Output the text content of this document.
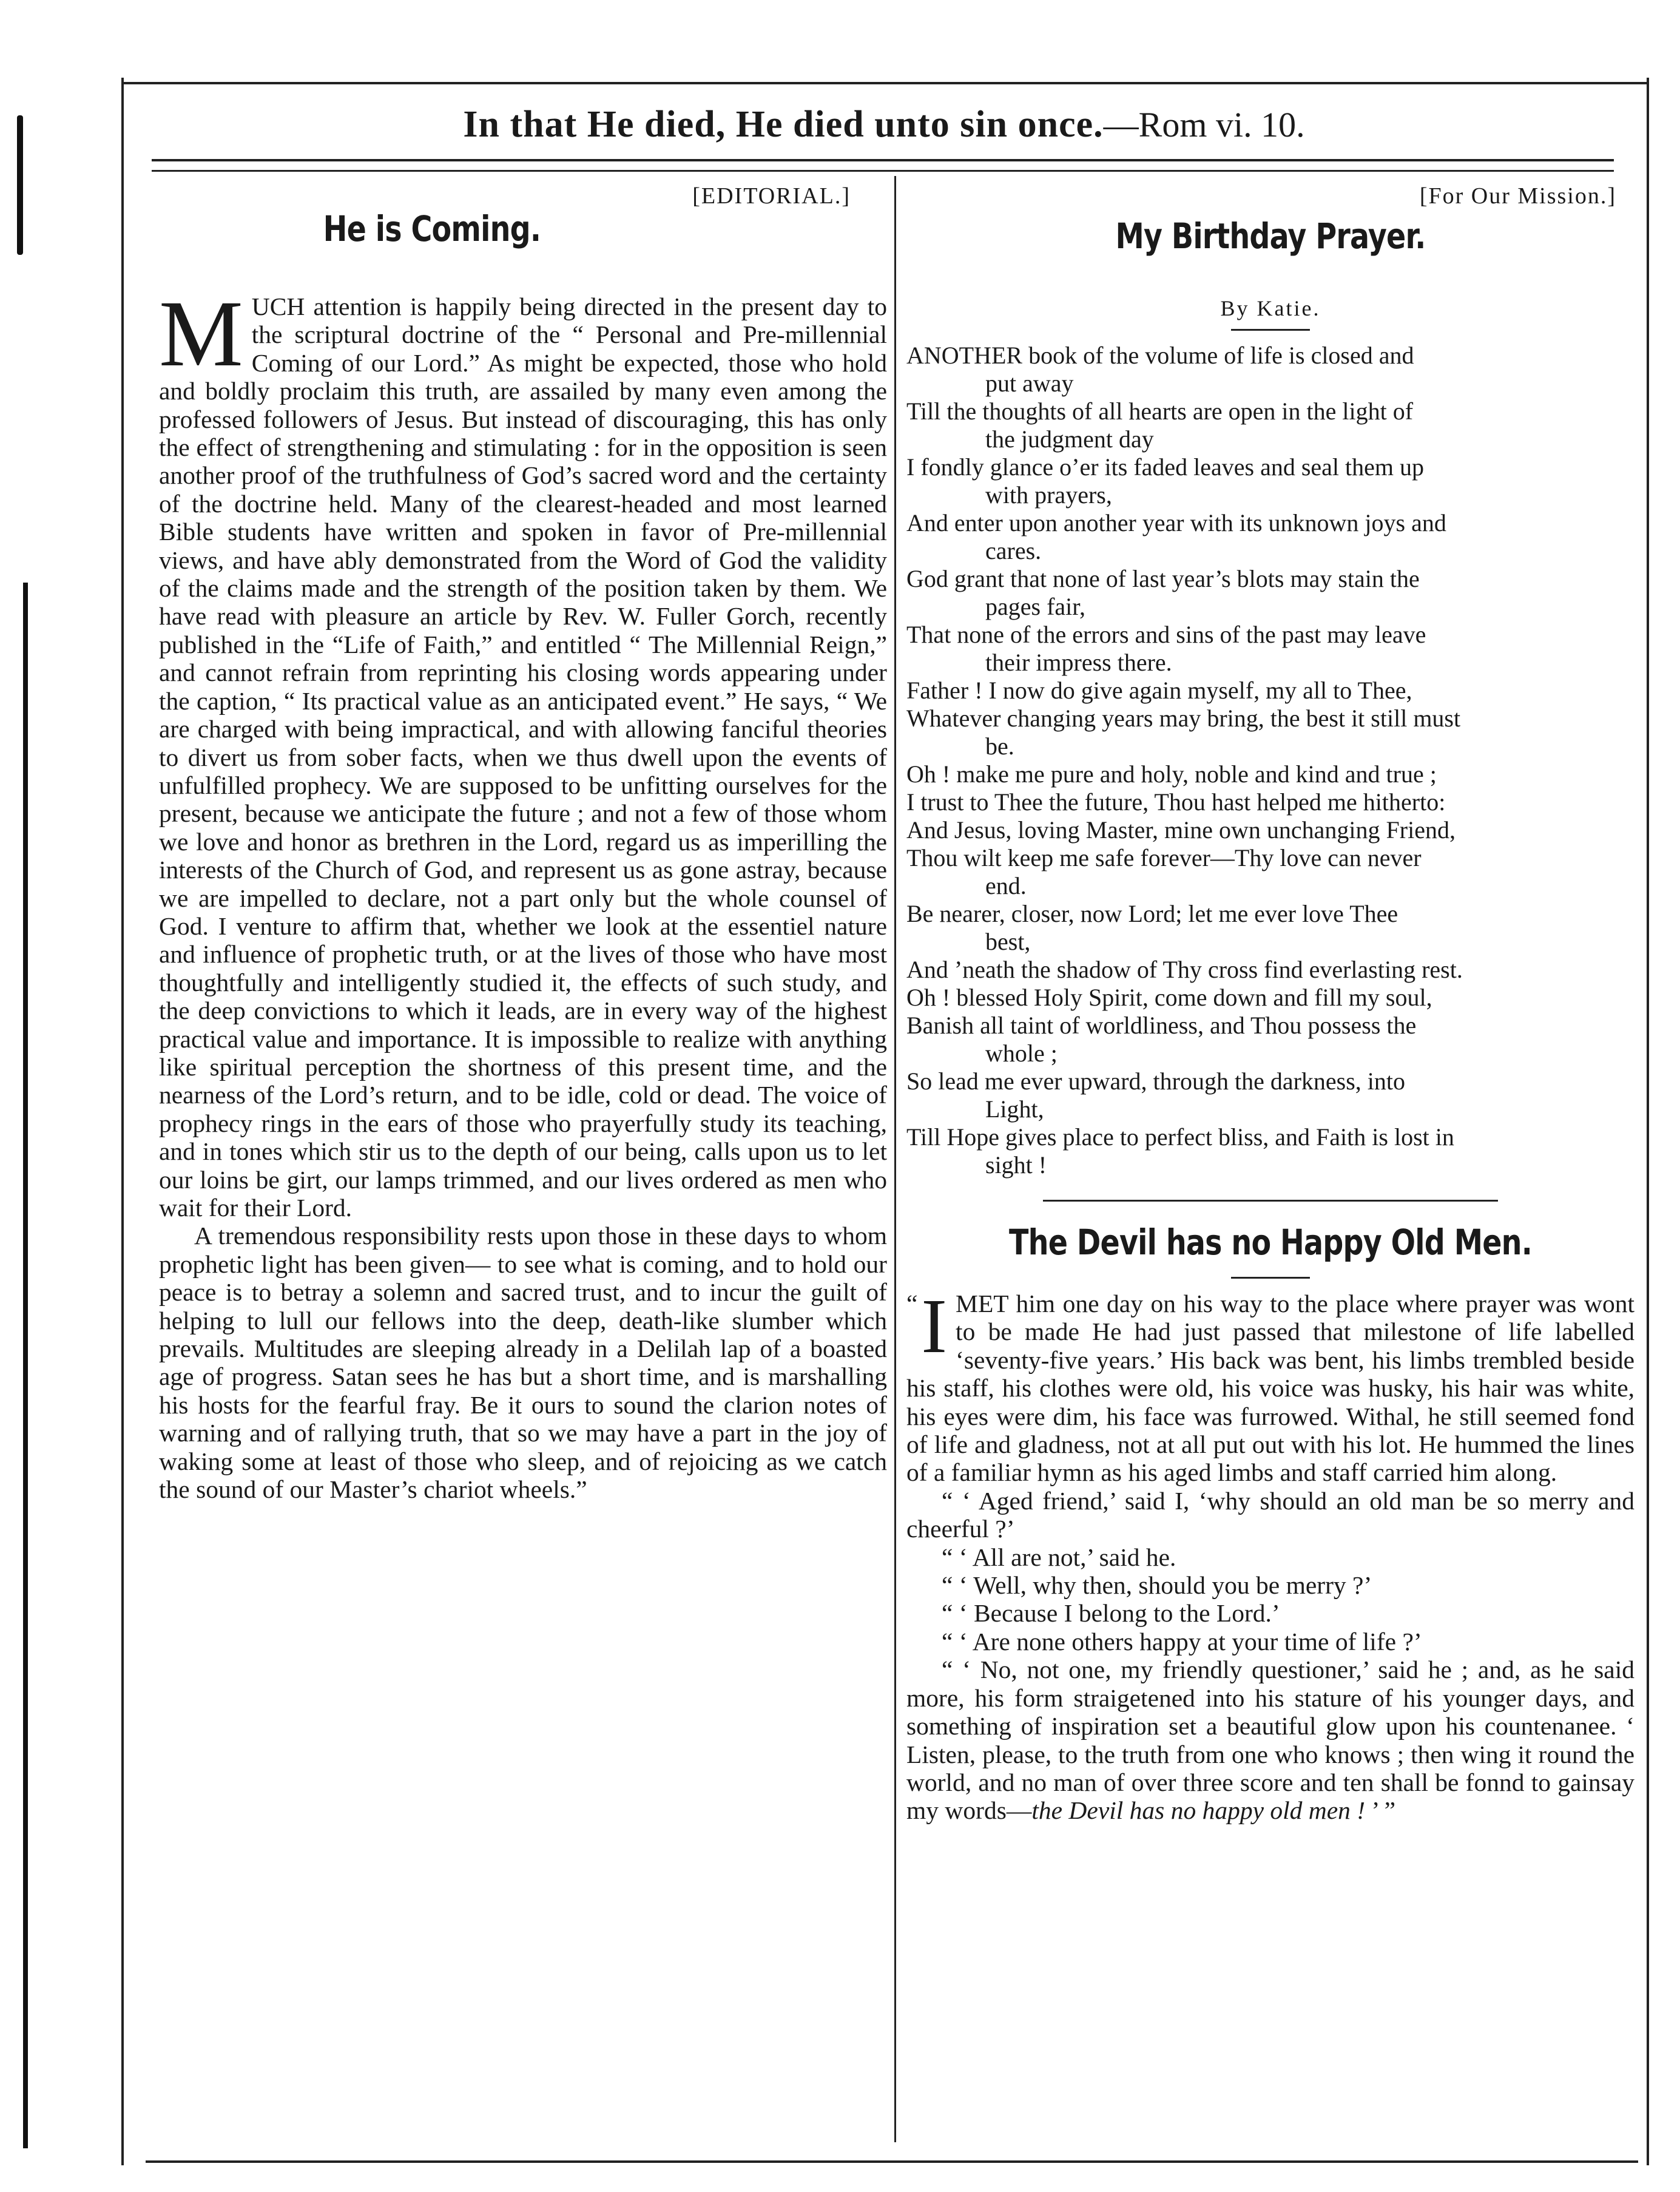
In that He died, He died unto sin once.—Rom vi. 10.
[EDITORIAL.]
He is Coming.

MUCH attention is happily being directed in the present day to the scriptural doctrine of the “ Personal and Pre-millennial Coming of our Lord.” As might be expected, those who hold and boldly proclaim this truth, are assailed by many even among the professed followers of Jesus. But instead of discouraging, this has only the effect of strengthening and stimulating : for in the opposition is seen another proof of the truthfulness of God’s sacred word and the certainty of the doctrine held. Many of the clearest-headed and most learned Bible students have written and spoken in favor of Pre-millennial views, and have ably demonstrated from the Word of God the validity of the claims made and the strength of the position taken by them. We have read with pleasure an article by Rev. W. Fuller Gorch, recently published in the “Life of Faith,” and entitled “ The Millennial Reign,” and cannot refrain from reprinting his closing words appearing under the caption, “ Its practical value as an anticipated event.” He says, “ We are charged with being impractical, and with allowing fanciful theories to divert us from sober facts, when we thus dwell upon the events of unfulfilled prophecy. We are supposed to be unfitting ourselves for the present, because we anticipate the future ; and not a few of those whom we love and honor as brethren in the Lord, regard us as imperilling the interests of the Church of God, and represent us as gone astray, because we are impelled to declare, not a part only but the whole counsel of God. I venture to affirm that, whether we look at the essentiel nature and influence of prophetic truth, or at the lives of those who have most thoughtfully and intelligently studied it, the effects of such study, and the deep convictions to which it leads, are in every way of the highest practical value and importance. It is impossible to realize with anything like spiritual perception the shortness of this present time, and the nearness of the Lord’s return, and to be idle, cold or dead. The voice of prophecy rings in the ears of those who prayerfully study its teaching, and in tones which stir us to the depth of our being, calls upon us to let our loins be girt, our lamps trimmed, and our lives ordered as men who wait for their Lord.

A tremendous responsibility rests upon those in these days to whom prophetic light has been given— to see what is coming, and to hold our peace is to betray a solemn and sacred trust, and to incur the guilt of helping to lull our fellows into the deep, death-like slumber which prevails. Multitudes are sleeping already in a Delilah lap of a boasted age of progress. Satan sees he has but a short time, and is marshalling his hosts for the fearful fray. Be it ours to sound the clarion notes of warning and of rallying truth, that so we may have a part in the joy of waking some at least of those who sleep, and of rejoicing as we catch the sound of our Master’s chariot wheels.”

[For Our Mission.]
My Birthday Prayer.
By Katie.
ANOTHER book of the volume of life is closed and
put away
Till the thoughts of all hearts are open in the light of
the judgment day
I fondly glance o’er its faded leaves and seal them up
with prayers,
And enter upon another year with its unknown joys and
cares.
God grant that none of last year’s blots may stain the
pages fair,
That none of the errors and sins of the past may leave
their impress there.
Father ! I now do give again myself, my all to Thee,
Whatever changing years may bring, the best it still must
be.
Oh ! make me pure and holy, noble and kind and true ;
I trust to Thee the future, Thou hast helped me hitherto:
And Jesus, loving Master, mine own unchanging Friend,
Thou wilt keep me safe forever—Thy love can never
end.
Be nearer, closer, now Lord; let me ever love Thee
best,
And ’neath the shadow of Thy cross find everlasting rest.
Oh ! blessed Holy Spirit, come down and fill my soul,
Banish all taint of worldliness, and Thou possess the
whole ;
So lead me ever upward, through the darkness, into
Light,
Till Hope gives place to perfect bliss, and Faith is lost in
sight !
The Devil has no Happy Old Men.

“ I MET him one day on his way to the place where prayer was wont to be made He had just passed that milestone of life labelled ‘seventy-five years.’ His back was bent, his limbs trembled beside his staff, his clothes were old, his voice was husky, his hair was white, his eyes were dim, his face was furrowed. Withal, he still seemed fond of life and gladness, not at all put out with his lot. He hummed the lines of a familiar hymn as his aged limbs and staff carried him along.

“ ‘ Aged friend,’ said I, ‘why should an old man be so merry and cheerful ?’

“ ‘ All are not,’ said he.

“ ‘ Well, why then, should you be merry ?’

“ ‘ Because I belong to the Lord.’

“ ‘ Are none others happy at your time of life ?’

“ ‘ No, not one, my friendly questioner,’ said he ; and, as he said more, his form straigetened into his stature of his younger days, and something of inspiration set a beautiful glow upon his countenanee. ‘ Listen, please, to the truth from one who knows ; then wing it round the world, and no man of over three score and ten shall be fonnd to gainsay my words—the Devil has no happy old men ! ’ ”
